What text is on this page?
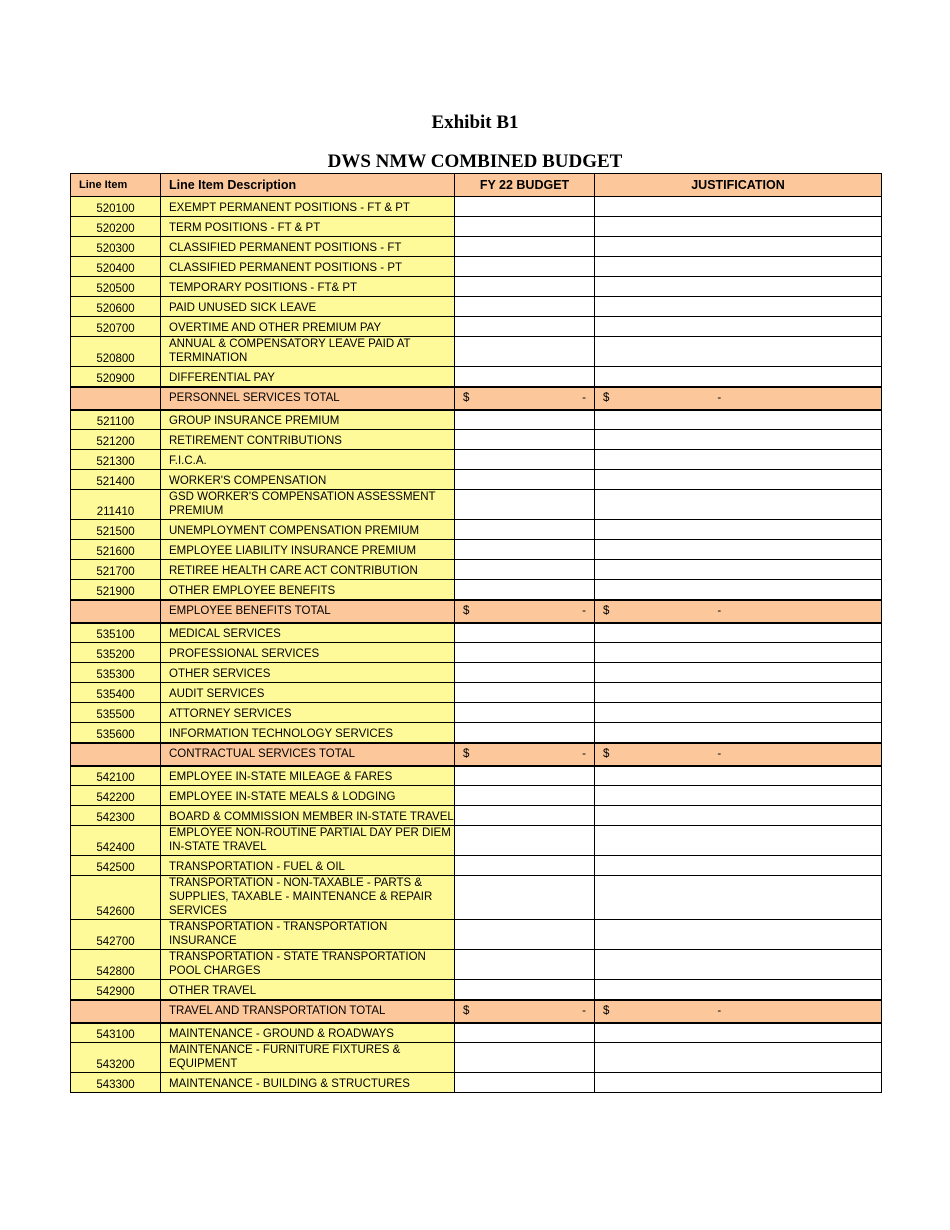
Exhibit B1
DWS NMW COMBINED BUDGET
Line Item	Line Item Description	FY 22 BUDGET	JUSTIFICATION
520100	EXEMPT PERMANENT POSITIONS - FT & PT		
520200	TERM POSITIONS - FT & PT		
520300	CLASSIFIED PERMANENT POSITIONS - FT		
520400	CLASSIFIED PERMANENT POSITIONS - PT		
520500	TEMPORARY POSITIONS - FT& PT		
520600	PAID UNUSED SICK LEAVE		
520700	OVERTIME AND OTHER PREMIUM PAY		
520800	ANNUAL & COMPENSATORY LEAVE PAID AT TERMINATION		
520900	DIFFERENTIAL PAY		
	PERSONNEL SERVICES TOTAL	$ -	$ -

521100	GROUP INSURANCE PREMIUM		
521200	RETIREMENT CONTRIBUTIONS		
521300	F.I.C.A.		
521400	WORKER'S COMPENSATION		
211410	GSD WORKER'S COMPENSATION ASSESSMENT PREMIUM		
521500	UNEMPLOYMENT COMPENSATION PREMIUM		
521600	EMPLOYEE LIABILITY INSURANCE PREMIUM		
521700	RETIREE HEALTH CARE ACT CONTRIBUTION		
521900	OTHER EMPLOYEE BENEFITS		
	EMPLOYEE BENEFITS TOTAL	$ -	$ -

535100	MEDICAL SERVICES		
535200	PROFESSIONAL SERVICES		
535300	OTHER SERVICES		
535400	AUDIT SERVICES		
535500	ATTORNEY SERVICES		
535600	INFORMATION TECHNOLOGY SERVICES		
	CONTRACTUAL SERVICES TOTAL	$ -	$ -

542100	EMPLOYEE IN-STATE MILEAGE & FARES		
542200	EMPLOYEE IN-STATE MEALS & LODGING		
542300	BOARD & COMMISSION MEMBER IN-STATE TRAVEL		
542400	EMPLOYEE NON-ROUTINE PARTIAL DAY PER DIEM IN-STATE TRAVEL		
542500	TRANSPORTATION - FUEL & OIL		
542600	TRANSPORTATION - NON-TAXABLE - PARTS & SUPPLIES, TAXABLE - MAINTENANCE & REPAIR SERVICES		
542700	TRANSPORTATION - TRANSPORTATION INSURANCE		
542800	TRANSPORTATION - STATE TRANSPORTATION POOL CHARGES		
542900	OTHER TRAVEL		
	TRAVEL AND TRANSPORTATION TOTAL	$ -	$ -

543100	MAINTENANCE - GROUND & ROADWAYS		
543200	MAINTENANCE - FURNITURE FIXTURES & EQUIPMENT		
543300	MAINTENANCE - BUILDING & STRUCTURES		
